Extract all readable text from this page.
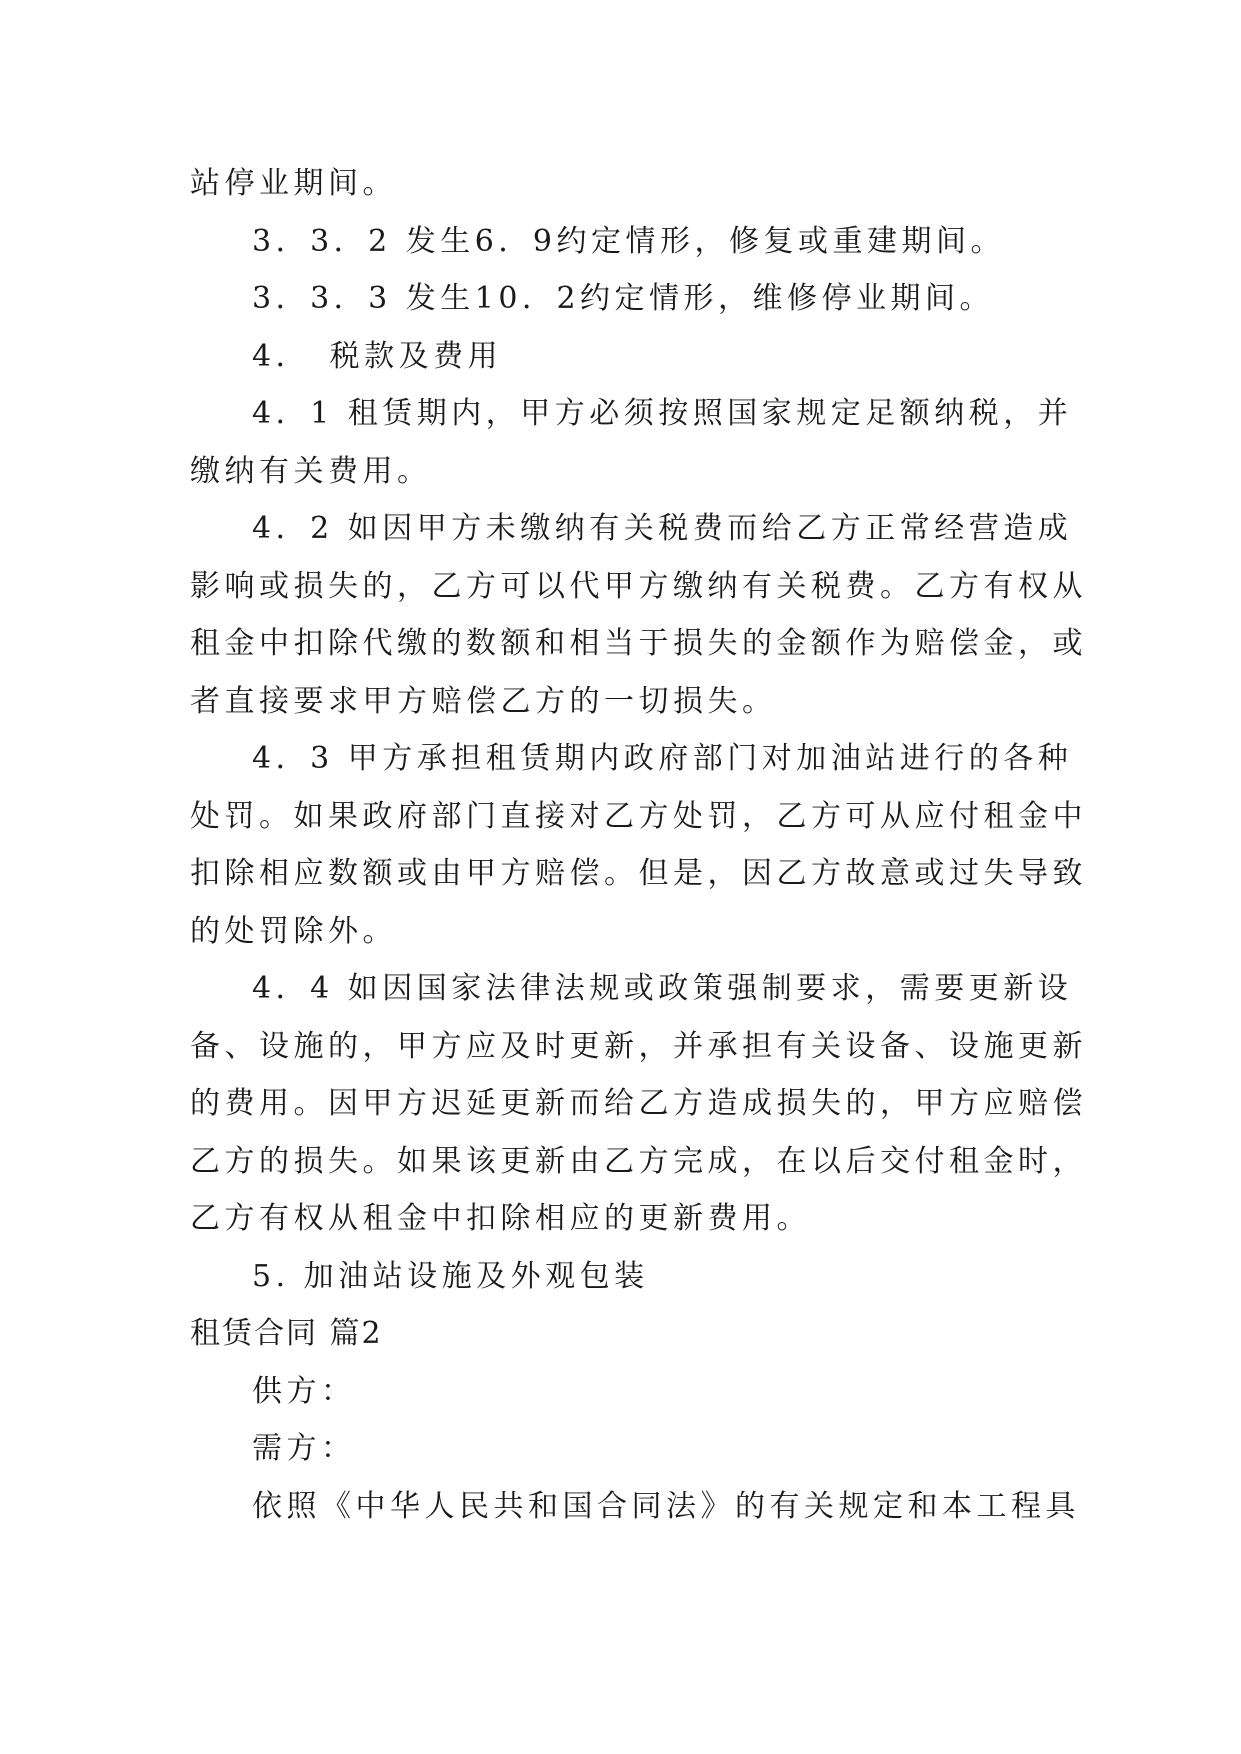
站停业期间。
3．3．2 发生6．9约定情形，修复或重建期间。
3．3．3 发生10．2约定情形，维修停业期间。
4．　税款及费用
4．1 租赁期内，甲方必须按照国家规定足额纳税，并
缴纳有关费用。
4．2 如因甲方未缴纳有关税费而给乙方正常经营造成
影响或损失的，乙方可以代甲方缴纳有关税费。乙方有权从
租金中扣除代缴的数额和相当于损失的金额作为赔偿金，或
者直接要求甲方赔偿乙方的一切损失。
4．3 甲方承担租赁期内政府部门对加油站进行的各种
处罚。如果政府部门直接对乙方处罚，乙方可从应付租金中
扣除相应数额或由甲方赔偿。但是，因乙方故意或过失导致
的处罚除外。
4．4 如因国家法律法规或政策强制要求，需要更新设
备、设施的，甲方应及时更新，并承担有关设备、设施更新
的费用。因甲方迟延更新而给乙方造成损失的，甲方应赔偿
乙方的损失。如果该更新由乙方完成，在以后交付租金时，
乙方有权从租金中扣除相应的更新费用。
5. 加油站设施及外观包装
租赁合同 篇2
供方：
需方：
依照《中华人民共和国合同法》的有关规定和本工程具
